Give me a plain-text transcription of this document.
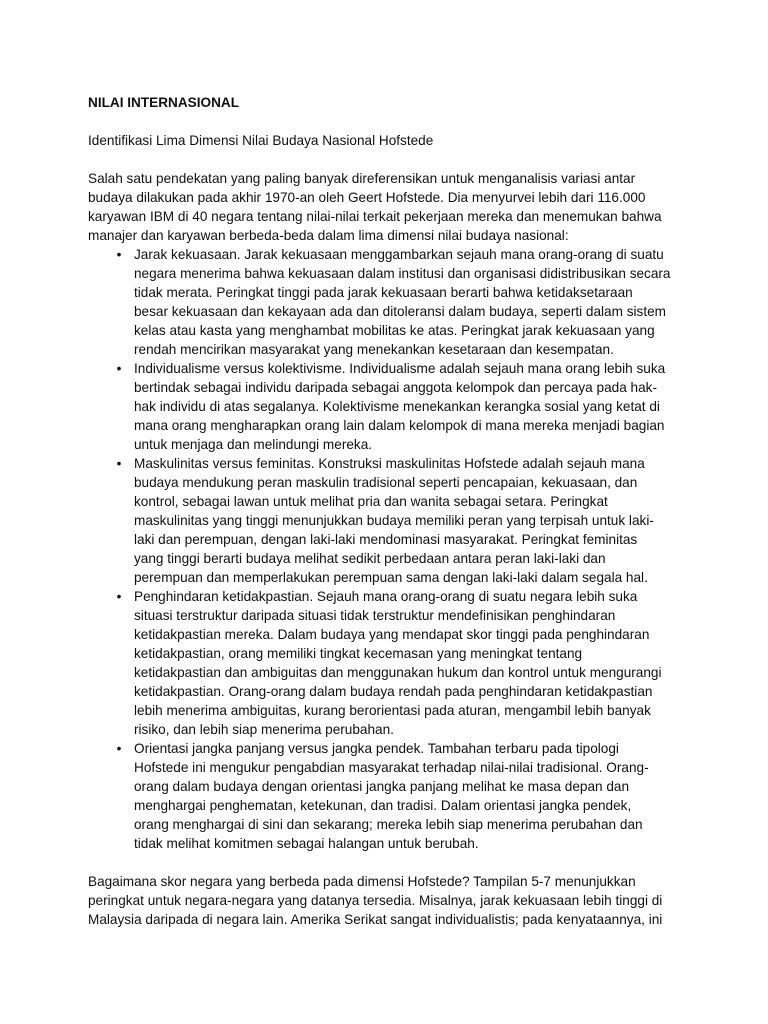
NILAI INTERNASIONAL

Identifikasi Lima Dimensi Nilai Budaya Nasional Hofstede

Salah satu pendekatan yang paling banyak direferensikan untuk menganalisis variasi antar
budaya dilakukan pada akhir 1970-an oleh Geert Hofstede. Dia menyurvei lebih dari 116.000
karyawan IBM di 40 negara tentang nilai-nilai terkait pekerjaan mereka dan menemukan bahwa
manajer dan karyawan berbeda-beda dalam lima dimensi nilai budaya nasional:
• Jarak kekuasaan. Jarak kekuasaan menggambarkan sejauh mana orang-orang di suatu
negara menerima bahwa kekuasaan dalam institusi dan organisasi didistribusikan secara
tidak merata. Peringkat tinggi pada jarak kekuasaan berarti bahwa ketidaksetaraan
besar kekuasaan dan kekayaan ada dan ditoleransi dalam budaya, seperti dalam sistem
kelas atau kasta yang menghambat mobilitas ke atas. Peringkat jarak kekuasaan yang
rendah mencirikan masyarakat yang menekankan kesetaraan dan kesempatan.
• Individualisme versus kolektivisme. Individualisme adalah sejauh mana orang lebih suka
bertindak sebagai individu daripada sebagai anggota kelompok dan percaya pada hak-
hak individu di atas segalanya. Kolektivisme menekankan kerangka sosial yang ketat di
mana orang mengharapkan orang lain dalam kelompok di mana mereka menjadi bagian
untuk menjaga dan melindungi mereka.
• Maskulinitas versus feminitas. Konstruksi maskulinitas Hofstede adalah sejauh mana
budaya mendukung peran maskulin tradisional seperti pencapaian, kekuasaan, dan
kontrol, sebagai lawan untuk melihat pria dan wanita sebagai setara. Peringkat
maskulinitas yang tinggi menunjukkan budaya memiliki peran yang terpisah untuk laki-
laki dan perempuan, dengan laki-laki mendominasi masyarakat. Peringkat feminitas
yang tinggi berarti budaya melihat sedikit perbedaan antara peran laki-laki dan
perempuan dan memperlakukan perempuan sama dengan laki-laki dalam segala hal.
• Penghindaran ketidakpastian. Sejauh mana orang-orang di suatu negara lebih suka
situasi terstruktur daripada situasi tidak terstruktur mendefinisikan penghindaran
ketidakpastian mereka. Dalam budaya yang mendapat skor tinggi pada penghindaran
ketidakpastian, orang memiliki tingkat kecemasan yang meningkat tentang
ketidakpastian dan ambiguitas dan menggunakan hukum dan kontrol untuk mengurangi
ketidakpastian. Orang-orang dalam budaya rendah pada penghindaran ketidakpastian
lebih menerima ambiguitas, kurang berorientasi pada aturan, mengambil lebih banyak
risiko, dan lebih siap menerima perubahan.
• Orientasi jangka panjang versus jangka pendek. Tambahan terbaru pada tipologi
Hofstede ini mengukur pengabdian masyarakat terhadap nilai-nilai tradisional. Orang-
orang dalam budaya dengan orientasi jangka panjang melihat ke masa depan dan
menghargai penghematan, ketekunan, dan tradisi. Dalam orientasi jangka pendek,
orang menghargai di sini dan sekarang; mereka lebih siap menerima perubahan dan
tidak melihat komitmen sebagai halangan untuk berubah.
Bagaimana skor negara yang berbeda pada dimensi Hofstede? Tampilan 5-7 menunjukkan
peringkat untuk negara-negara yang datanya tersedia. Misalnya, jarak kekuasaan lebih tinggi di
Malaysia daripada di negara lain. Amerika Serikat sangat individualistis; pada kenyataannya, ini
